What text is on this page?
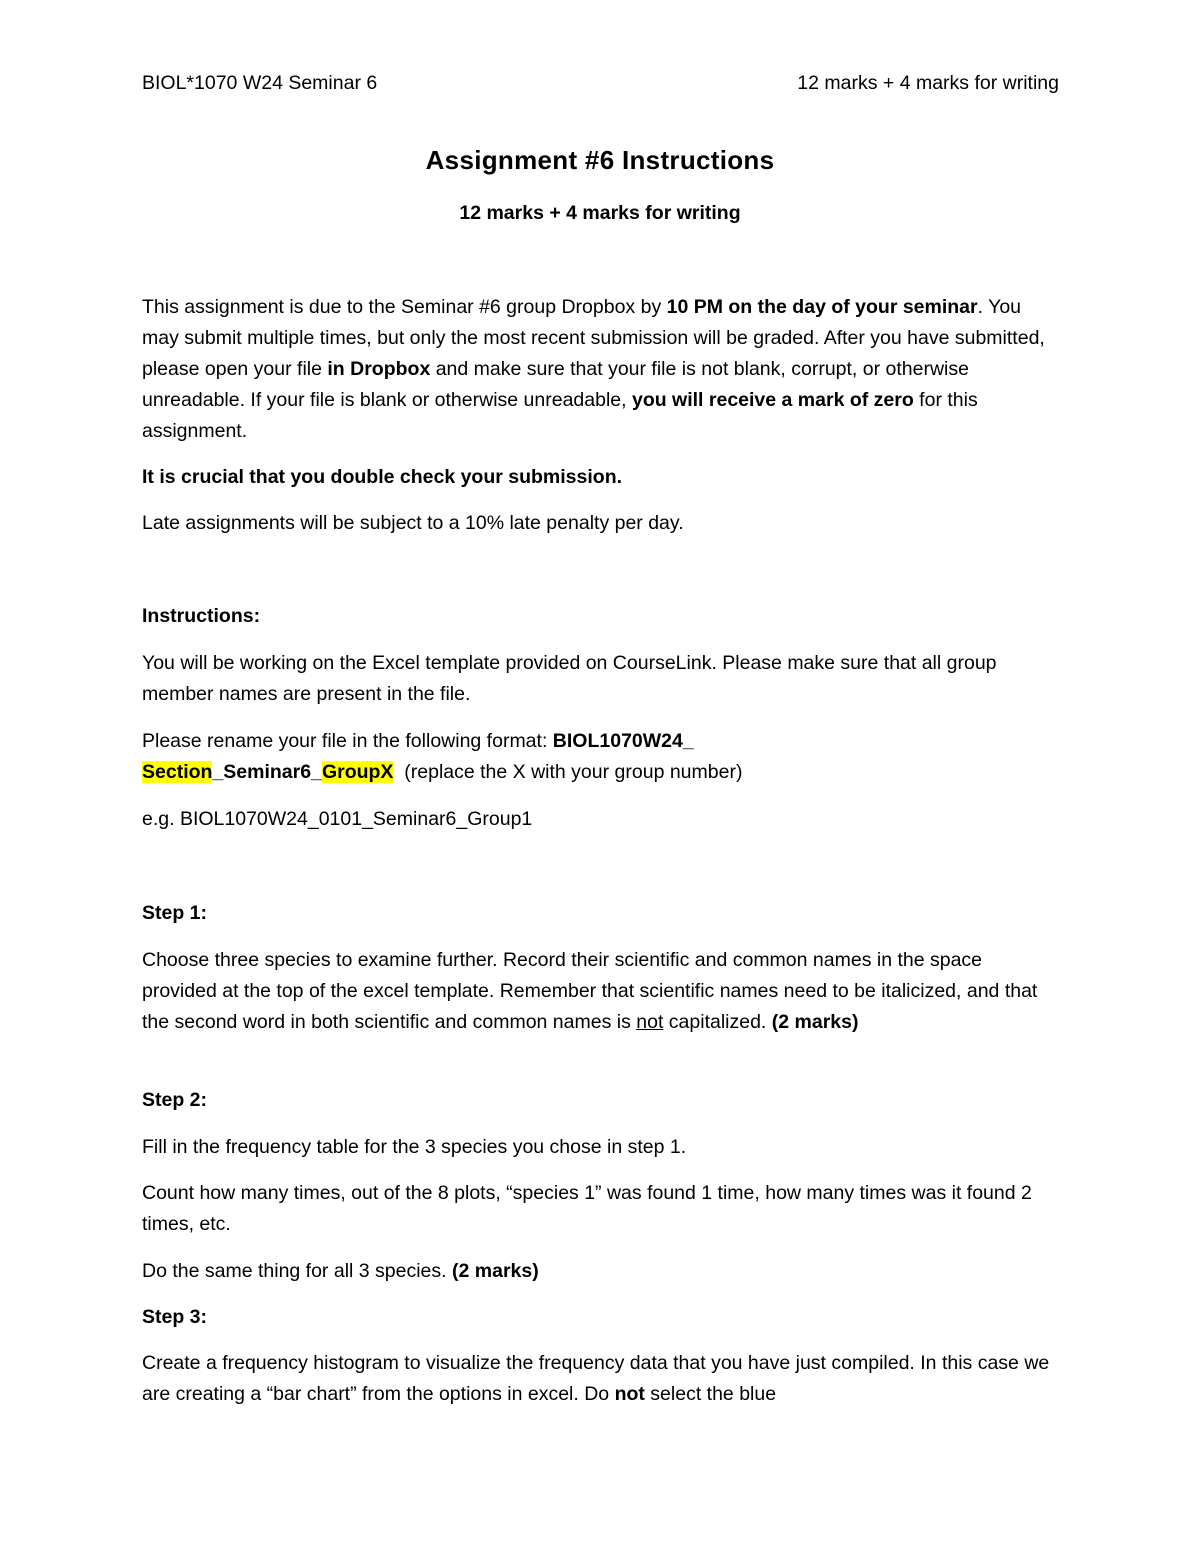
BIOL*1070 W24 Seminar 6	12 marks + 4 marks for writing
Assignment #6 Instructions
12 marks + 4 marks for writing

This assignment is due to the Seminar #6 group Dropbox by 10 PM on the day of your seminar. You may submit multiple times, but only the most recent submission will be graded. After you have submitted, please open your file in Dropbox and make sure that your file is not blank, corrupt, or otherwise unreadable. If your file is blank or otherwise unreadable, you will receive a mark of zero for this assignment.

It is crucial that you double check your submission.

Late assignments will be subject to a 10% late penalty per day.

Instructions:

You will be working on the Excel template provided on CourseLink. Please make sure that all group member names are present in the file.

Please rename your file in the following format: BIOL1070W24_
Section_Seminar6_GroupX  (replace the X with your group number)

e.g. BIOL1070W24_0101_Seminar6_Group1

Step 1:

Choose three species to examine further. Record their scientific and common names in the space provided at the top of the excel template. Remember that scientific names need to be italicized, and that the second word in both scientific and common names is not capitalized. (2 marks)

Step 2:

Fill in the frequency table for the 3 species you chose in step 1.

Count how many times, out of the 8 plots, “species 1” was found 1 time, how many times was it found 2 times, etc.

Do the same thing for all 3 species. (2 marks)

Step 3:

Create a frequency histogram to visualize the frequency data that you have just compiled. In this case we are creating a “bar chart” from the options in excel. Do not select the blue
